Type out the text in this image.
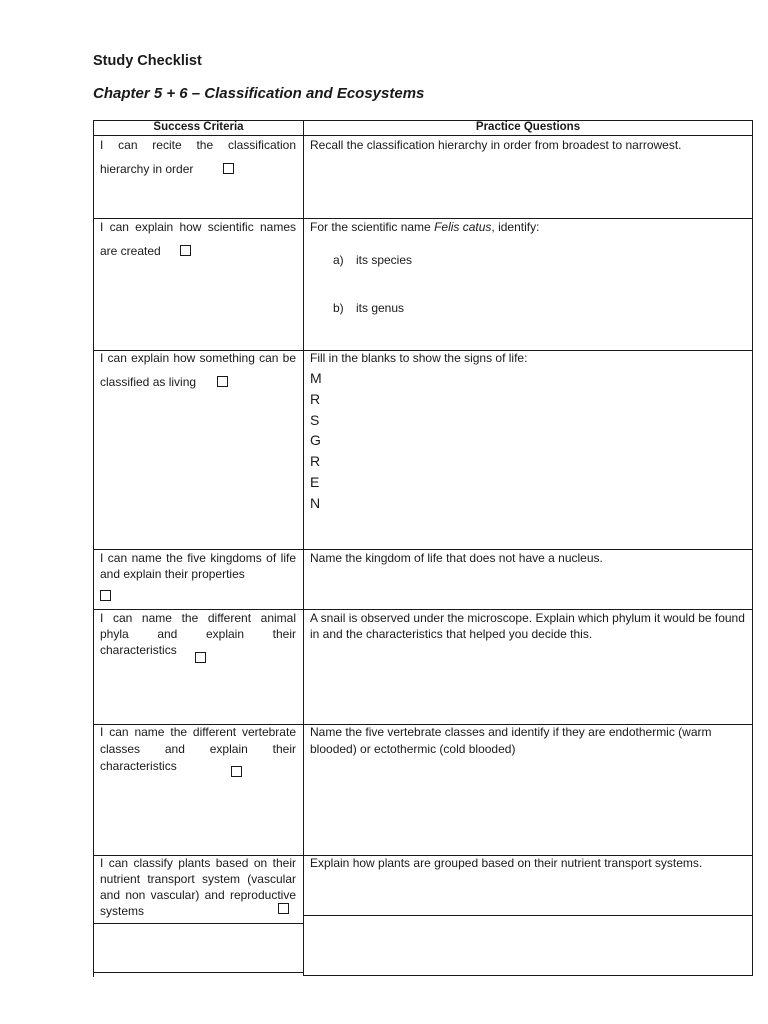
Study Checklist
Chapter 5 + 6 – Classification and Ecosystems
Success Criteria	Practice Questions
I can recite the classification hierarchy in order
Recall the classification hierarchy in order from broadest to narrowest.
I can explain how scientific names are created
For the scientific name Felis catus, identify:
a) its species
b) its genus
I can explain how something can be classified as living
Fill in the blanks to show the signs of life:
M
R
S
G
R
E
N
I can name the five kingdoms of life and explain their properties
Name the kingdom of life that does not have a nucleus.
I can name the different animal phyla and explain their characteristics
A snail is observed under the microscope. Explain which phylum it would be found in and the characteristics that helped you decide this.
I can name the different vertebrate classes and explain their characteristics
Name the five vertebrate classes and identify if they are endothermic (warm blooded) or ectothermic (cold blooded)
I can classify plants based on their nutrient transport system (vascular and non vascular) and reproductive systems
Explain how plants are grouped based on their nutrient transport systems.
